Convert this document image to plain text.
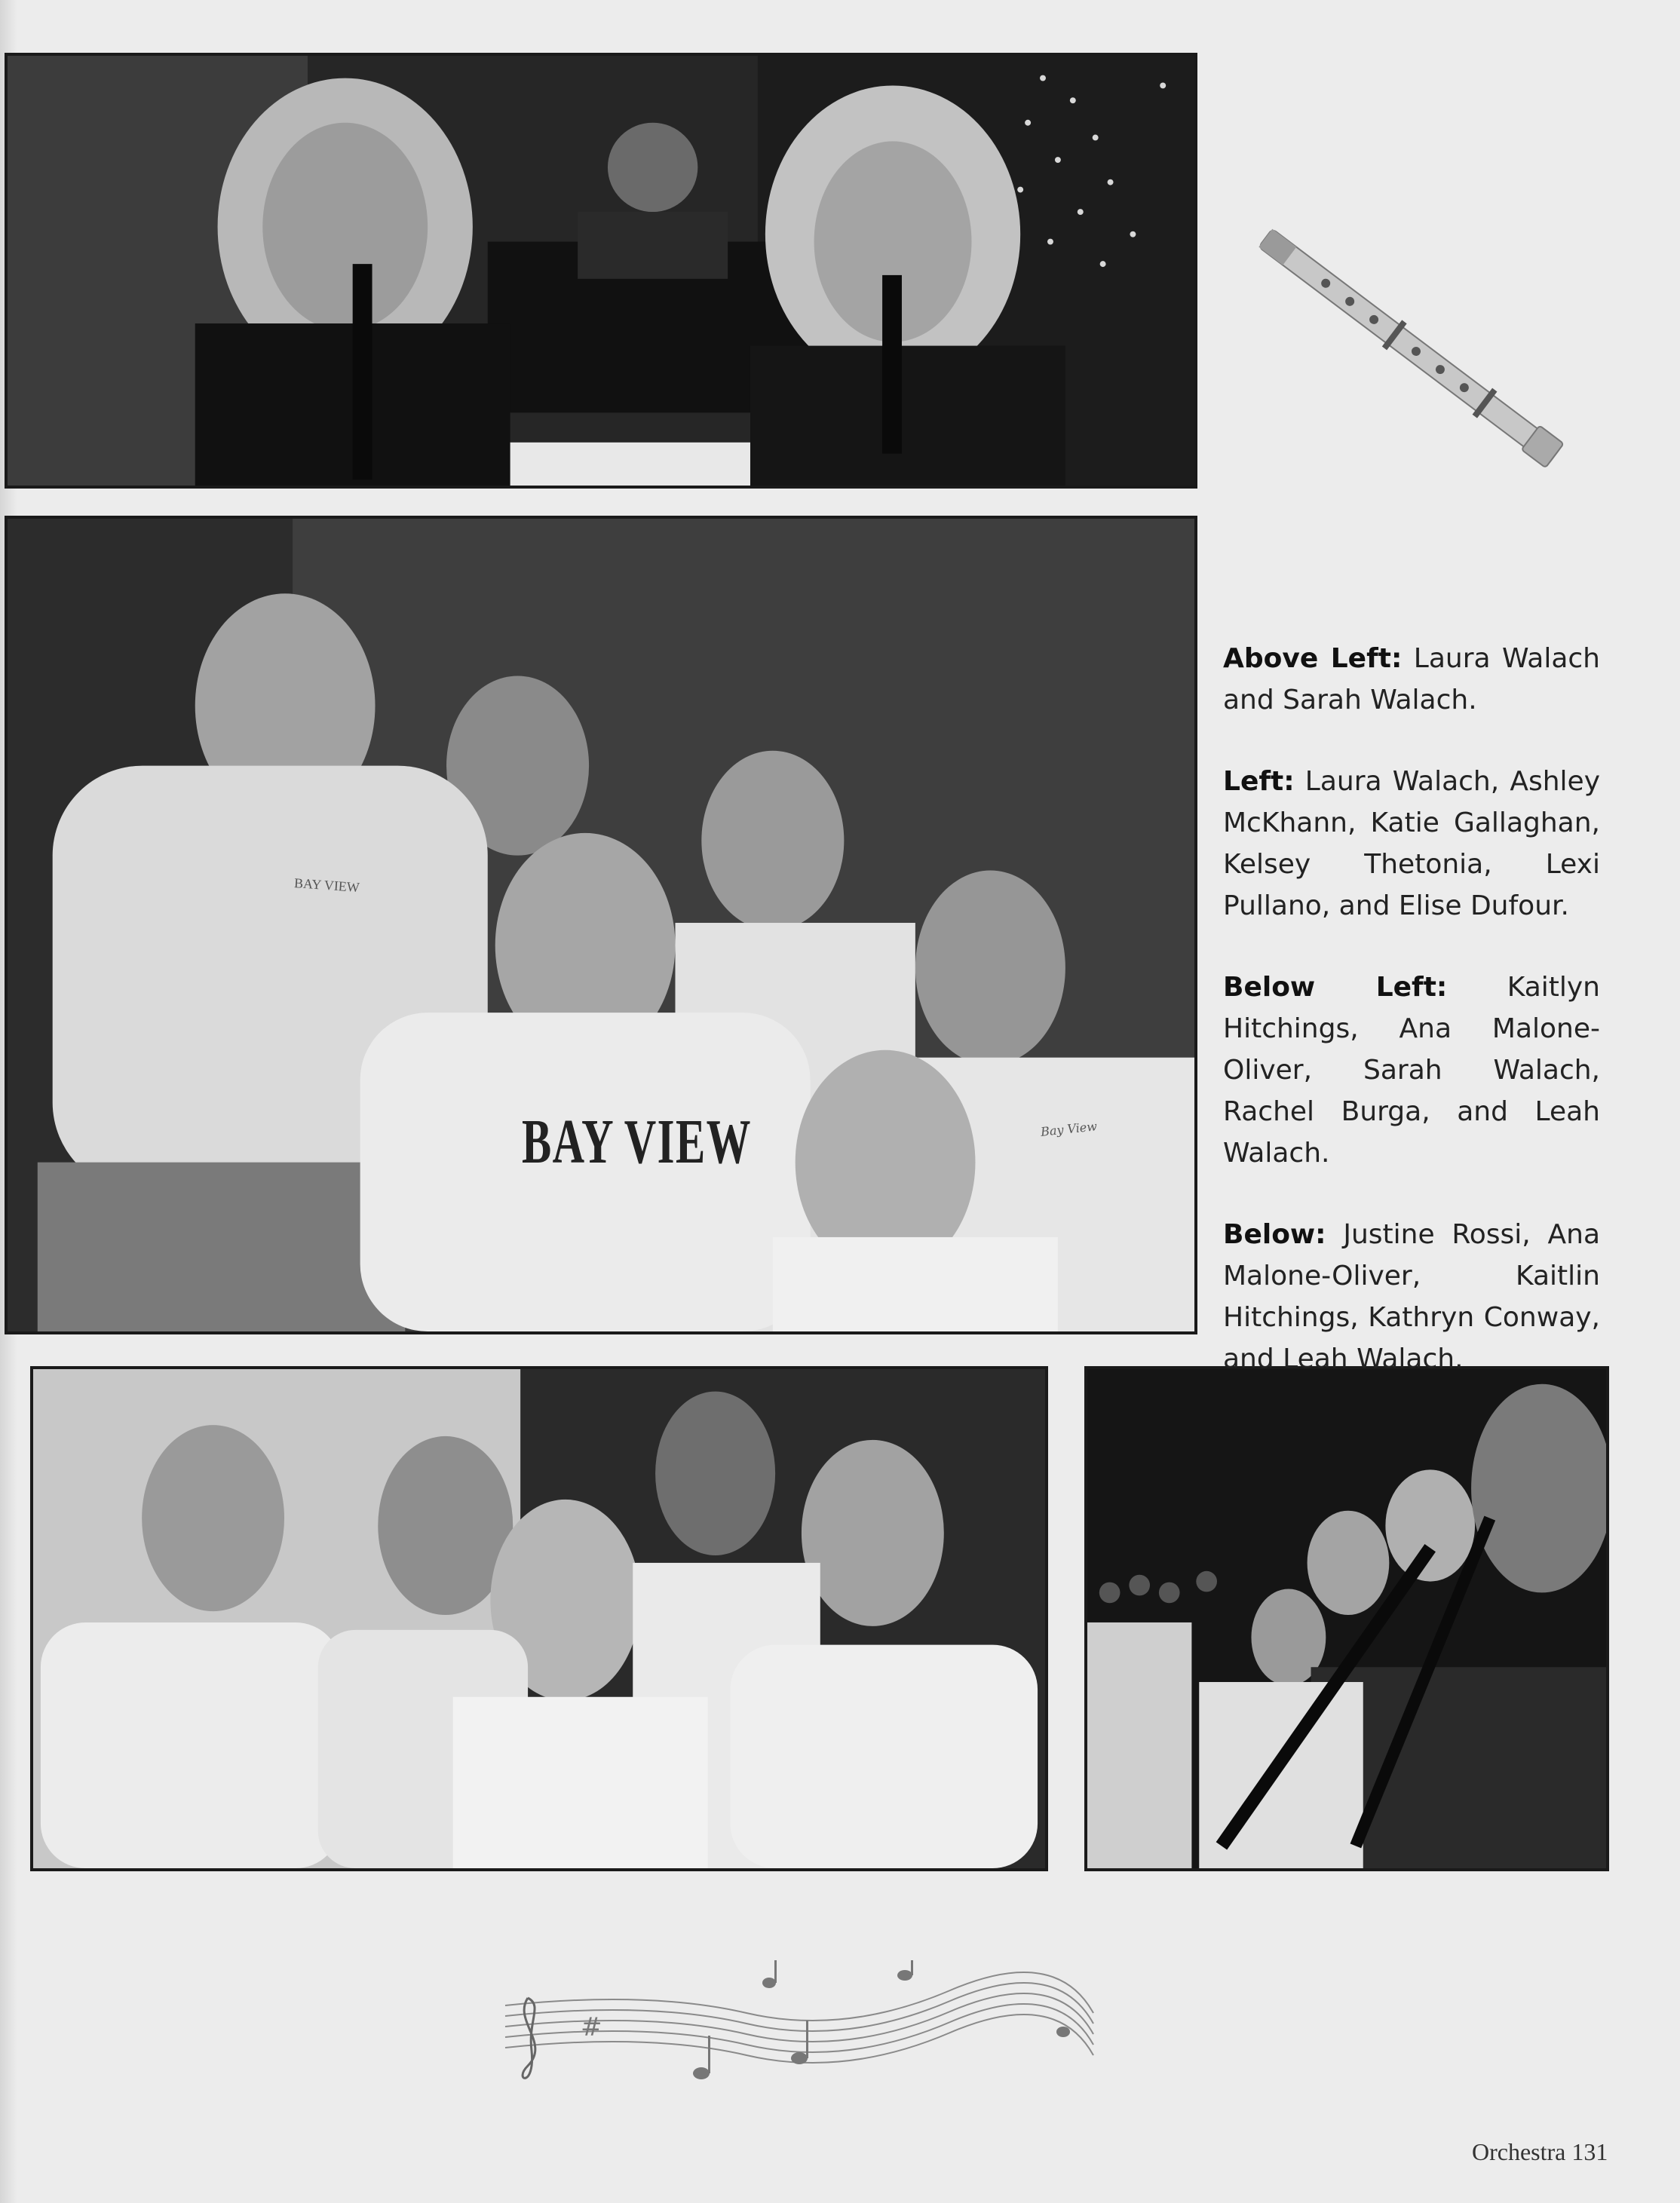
BAY VIEW
BAY VIEW	Bay View

Above Left: Laura Walach and Sarah Walach.

Left: Laura Walach, Ashley McKhann, Katie Gallaghan, Kelsey Thetonia, Lexi Pullano, and Elise Dufour.

Below Left: Kaitlyn Hitchings, Ana Malone-Oliver, Sarah Walach, Rachel Burga, and Leah Walach.

Below: Justine Rossi, Ana Malone-Oliver, Kaitlin Hitchings, Kathryn Conway, and Leah Walach.

#
Orchestra 131
